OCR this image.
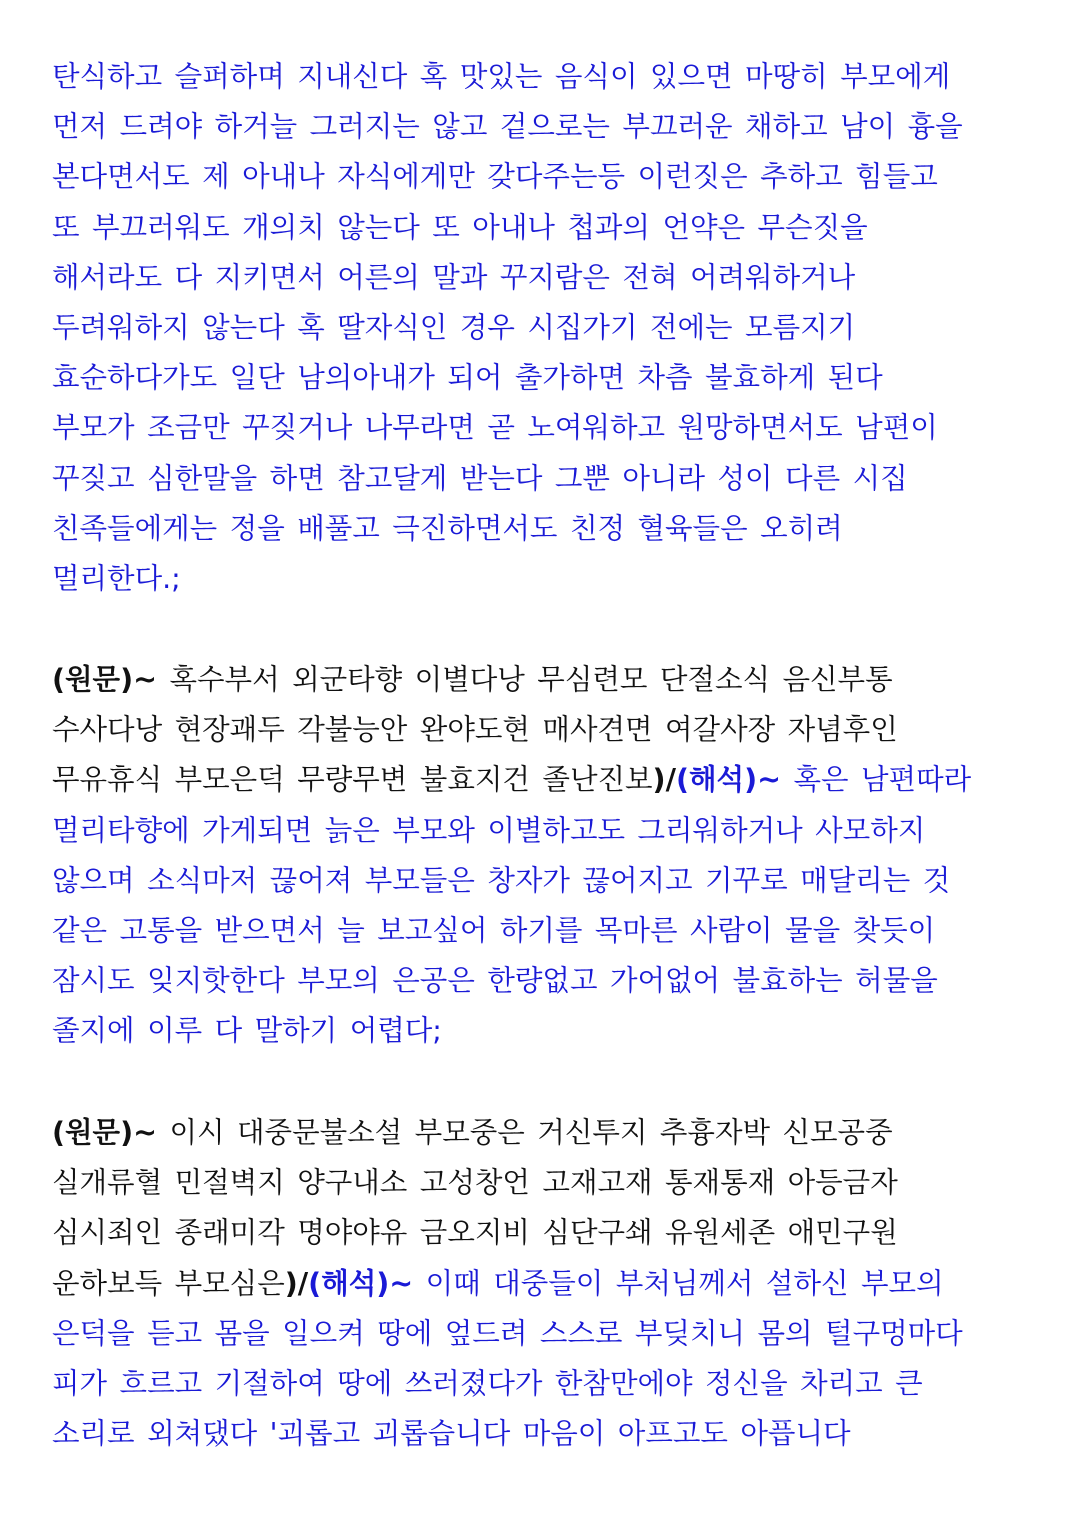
탄식하고 슬퍼하며 지내신다 혹 맛있는 음식이 있으면 마땅히 부모에게
먼저 드려야 하거늘 그러지는 않고 겉으로는 부끄러운 채하고 남이 흉을
본다면서도 제 아내나 자식에게만 갖다주는등 이런짓은 추하고 힘들고
또 부끄러워도 개의치 않는다 또 아내나 첩과의 언약은 무슨짓을
해서라도 다 지키면서 어른의 말과 꾸지람은 전혀 어려워하거나
두려워하지 않는다 혹 딸자식인 경우 시집가기 전에는 모름지기
효순하다가도 일단 남의아내가 되어 출가하면 차츰 불효하게 된다
부모가 조금만 꾸짖거나 나무라면 곧 노여워하고 원망하면서도 남편이
꾸짖고 심한말을 하면 참고달게 받는다 그뿐 아니라 성이 다른 시집
친족들에게는 정을 배풀고 극진하면서도 친정 혈육들은 오히려
멀리한다.;
(원문)~ 혹수부서 외군타향 이별다낭 무심련모 단절소식 음신부통
수사다낭 현장괘두 각불능안 완야도현 매사견면 여갈사장 자념후인
무유휴식 부모은덕 무량무변 불효지건 졸난진보)/(해석)~ 혹은 남편따라
멀리타향에 가게되면 늙은 부모와 이별하고도 그리워하거나 사모하지
않으며 소식마저 끊어져 부모들은 창자가 끊어지고 기꾸로 매달리는 것
같은 고통을 받으면서 늘 보고싶어 하기를 목마른 사람이 물을 찾듯이
잠시도 잊지핫한다 부모의 은공은 한량없고 가어없어 불효하는 허물을
졸지에 이루 다 말하기 어렵다;
(원문)~ 이시 대중문불소설 부모중은 거신투지 추흉자박 신모공중
실개류혈 민절벽지 양구내소 고성창언 고재고재 통재통재 아등금자
심시죄인 종래미각 명야야유 금오지비 심단구쇄 유원세존 애민구원
운하보득 부모심은)/(해석)~ 이때 대중들이 부처님께서 설하신 부모의
은덕을 듣고 몸을 일으켜 땅에 엎드려 스스로 부딪치니 몸의 털구멍마다
피가 흐르고 기절하여 땅에 쓰러졌다가 한참만에야 정신을 차리고 큰
소리로 외쳐댔다 '괴롭고 괴롭습니다 마음이 아프고도 아픕니다
